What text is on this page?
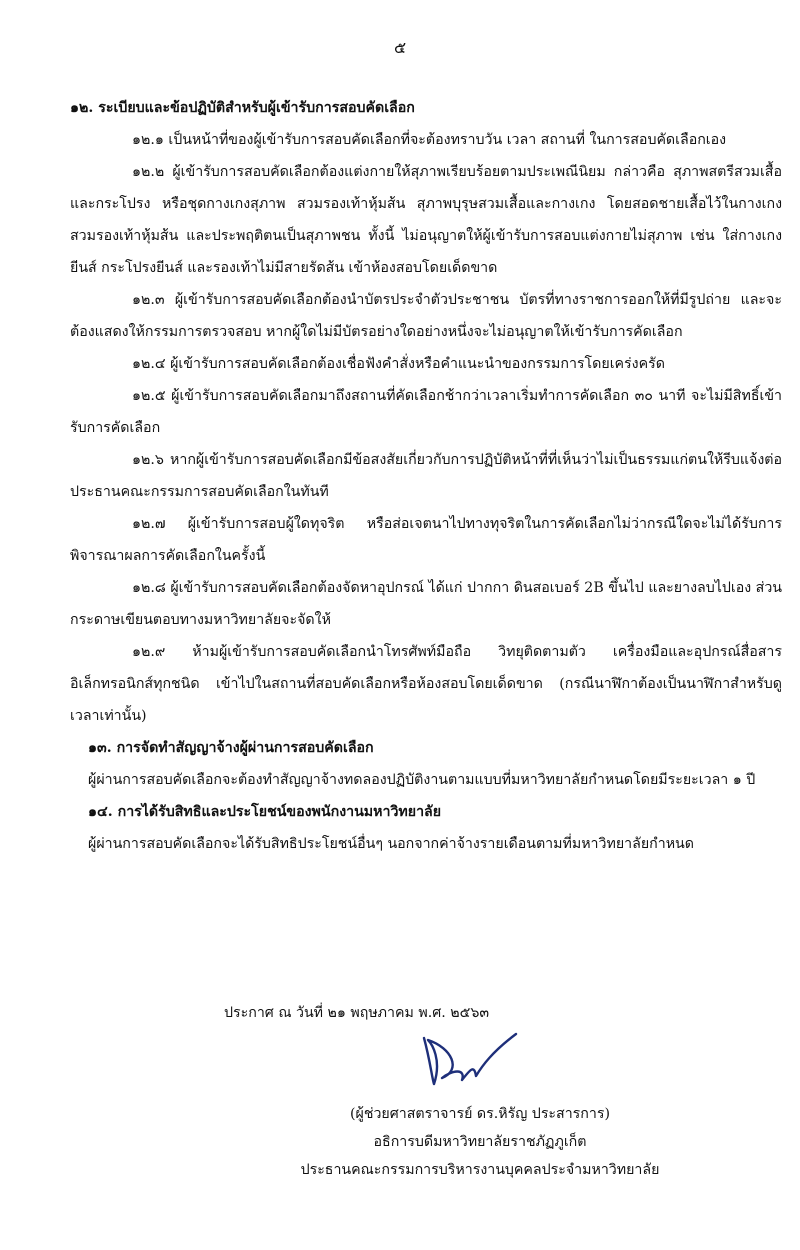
๕

๑๒. ระเบียบและข้อปฏิบัติสำหรับผู้เข้ารับการสอบคัดเลือก

๑๒.๑ เป็นหน้าที่ของผู้เข้ารับการสอบคัดเลือกที่จะต้องทราบวัน เวลา สถานที่ ในการสอบคัดเลือกเอง

๑๒.๒ ผู้เข้ารับการสอบคัดเลือกต้องแต่งกายให้สุภาพเรียบร้อยตามประเพณีนิยม กล่าวคือ สุภาพสตรีสวมเสื้อและกระโปรง หรือชุดกางเกงสุภาพ สวมรองเท้าหุ้มส้น สุภาพบุรุษสวมเสื้อและกางเกง โดยสอดชายเสื้อไว้ในกางเกง สวมรองเท้าหุ้มส้น และประพฤติตนเป็นสุภาพชน ทั้งนี้ ไม่อนุญาตให้ผู้เข้ารับการสอบแต่งกายไม่สุภาพ เช่น ใส่กางเกงยีนส์ กระโปรงยีนส์ และรองเท้าไม่มีสายรัดส้น เข้าห้องสอบโดยเด็ดขาด

๑๒.๓ ผู้เข้ารับการสอบคัดเลือกต้องนำบัตรประจำตัวประชาชน บัตรที่ทางราชการออกให้ที่มีรูปถ่าย และจะต้องแสดงให้กรรมการตรวจสอบ หากผู้ใดไม่มีบัตรอย่างใดอย่างหนึ่งจะไม่อนุญาตให้เข้ารับการคัดเลือก

๑๒.๔ ผู้เข้ารับการสอบคัดเลือกต้องเชื่อฟังคำสั่งหรือคำแนะนำของกรรมการโดยเคร่งครัด

๑๒.๕ ผู้เข้ารับการสอบคัดเลือกมาถึงสถานที่คัดเลือกช้ากว่าเวลาเริ่มทำการคัดเลือก ๓๐ นาที จะไม่มีสิทธิ์เข้ารับการคัดเลือก

๑๒.๖ หากผู้เข้ารับการสอบคัดเลือกมีข้อสงสัยเกี่ยวกับการปฏิบัติหน้าที่ที่เห็นว่าไม่เป็นธรรมแก่ตนให้รีบแจ้งต่อประธานคณะกรรมการสอบคัดเลือกในทันที

๑๒.๗ ผู้เข้ารับการสอบผู้ใดทุจริต หรือส่อเจตนาไปทางทุจริตในการคัดเลือกไม่ว่ากรณีใดจะไม่ได้รับการพิจารณาผลการคัดเลือกในครั้งนี้

๑๒.๘ ผู้เข้ารับการสอบคัดเลือกต้องจัดหาอุปกรณ์ ได้แก่ ปากกา ดินสอเบอร์ 2B ขึ้นไป และยางลบไปเอง ส่วนกระดาษเขียนตอบทางมหาวิทยาลัยจะจัดให้

๑๒.๙ ห้ามผู้เข้ารับการสอบคัดเลือกนำโทรศัพท์มือถือ วิทยุติดตามตัว เครื่องมือและอุปกรณ์สื่อสารอิเล็กทรอนิกส์ทุกชนิด เข้าไปในสถานที่สอบคัดเลือกหรือห้องสอบโดยเด็ดขาด (กรณีนาฬิกาต้องเป็นนาฬิกาสำหรับดูเวลาเท่านั้น)

๑๓. การจัดทำสัญญาจ้างผู้ผ่านการสอบคัดเลือก

ผู้ผ่านการสอบคัดเลือกจะต้องทำสัญญาจ้างทดลองปฏิบัติงานตามแบบที่มหาวิทยาลัยกำหนดโดยมีระยะเวลา ๑ ปี

๑๔. การได้รับสิทธิและประโยชน์ของพนักงานมหาวิทยาลัย

ผู้ผ่านการสอบคัดเลือกจะได้รับสิทธิประโยชน์อื่นๆ นอกจากค่าจ้างรายเดือนตามที่มหาวิทยาลัยกำหนด

ประกาศ ณ วันที่ ๒๑ พฤษภาคม พ.ศ. ๒๕๖๓
(ผู้ช่วยศาสตราจารย์ ดร.หิรัญ ประสารการ)
อธิการบดีมหาวิทยาลัยราชภัฏภูเก็ต
ประธานคณะกรรมการบริหารงานบุคคลประจำมหาวิทยาลัย
